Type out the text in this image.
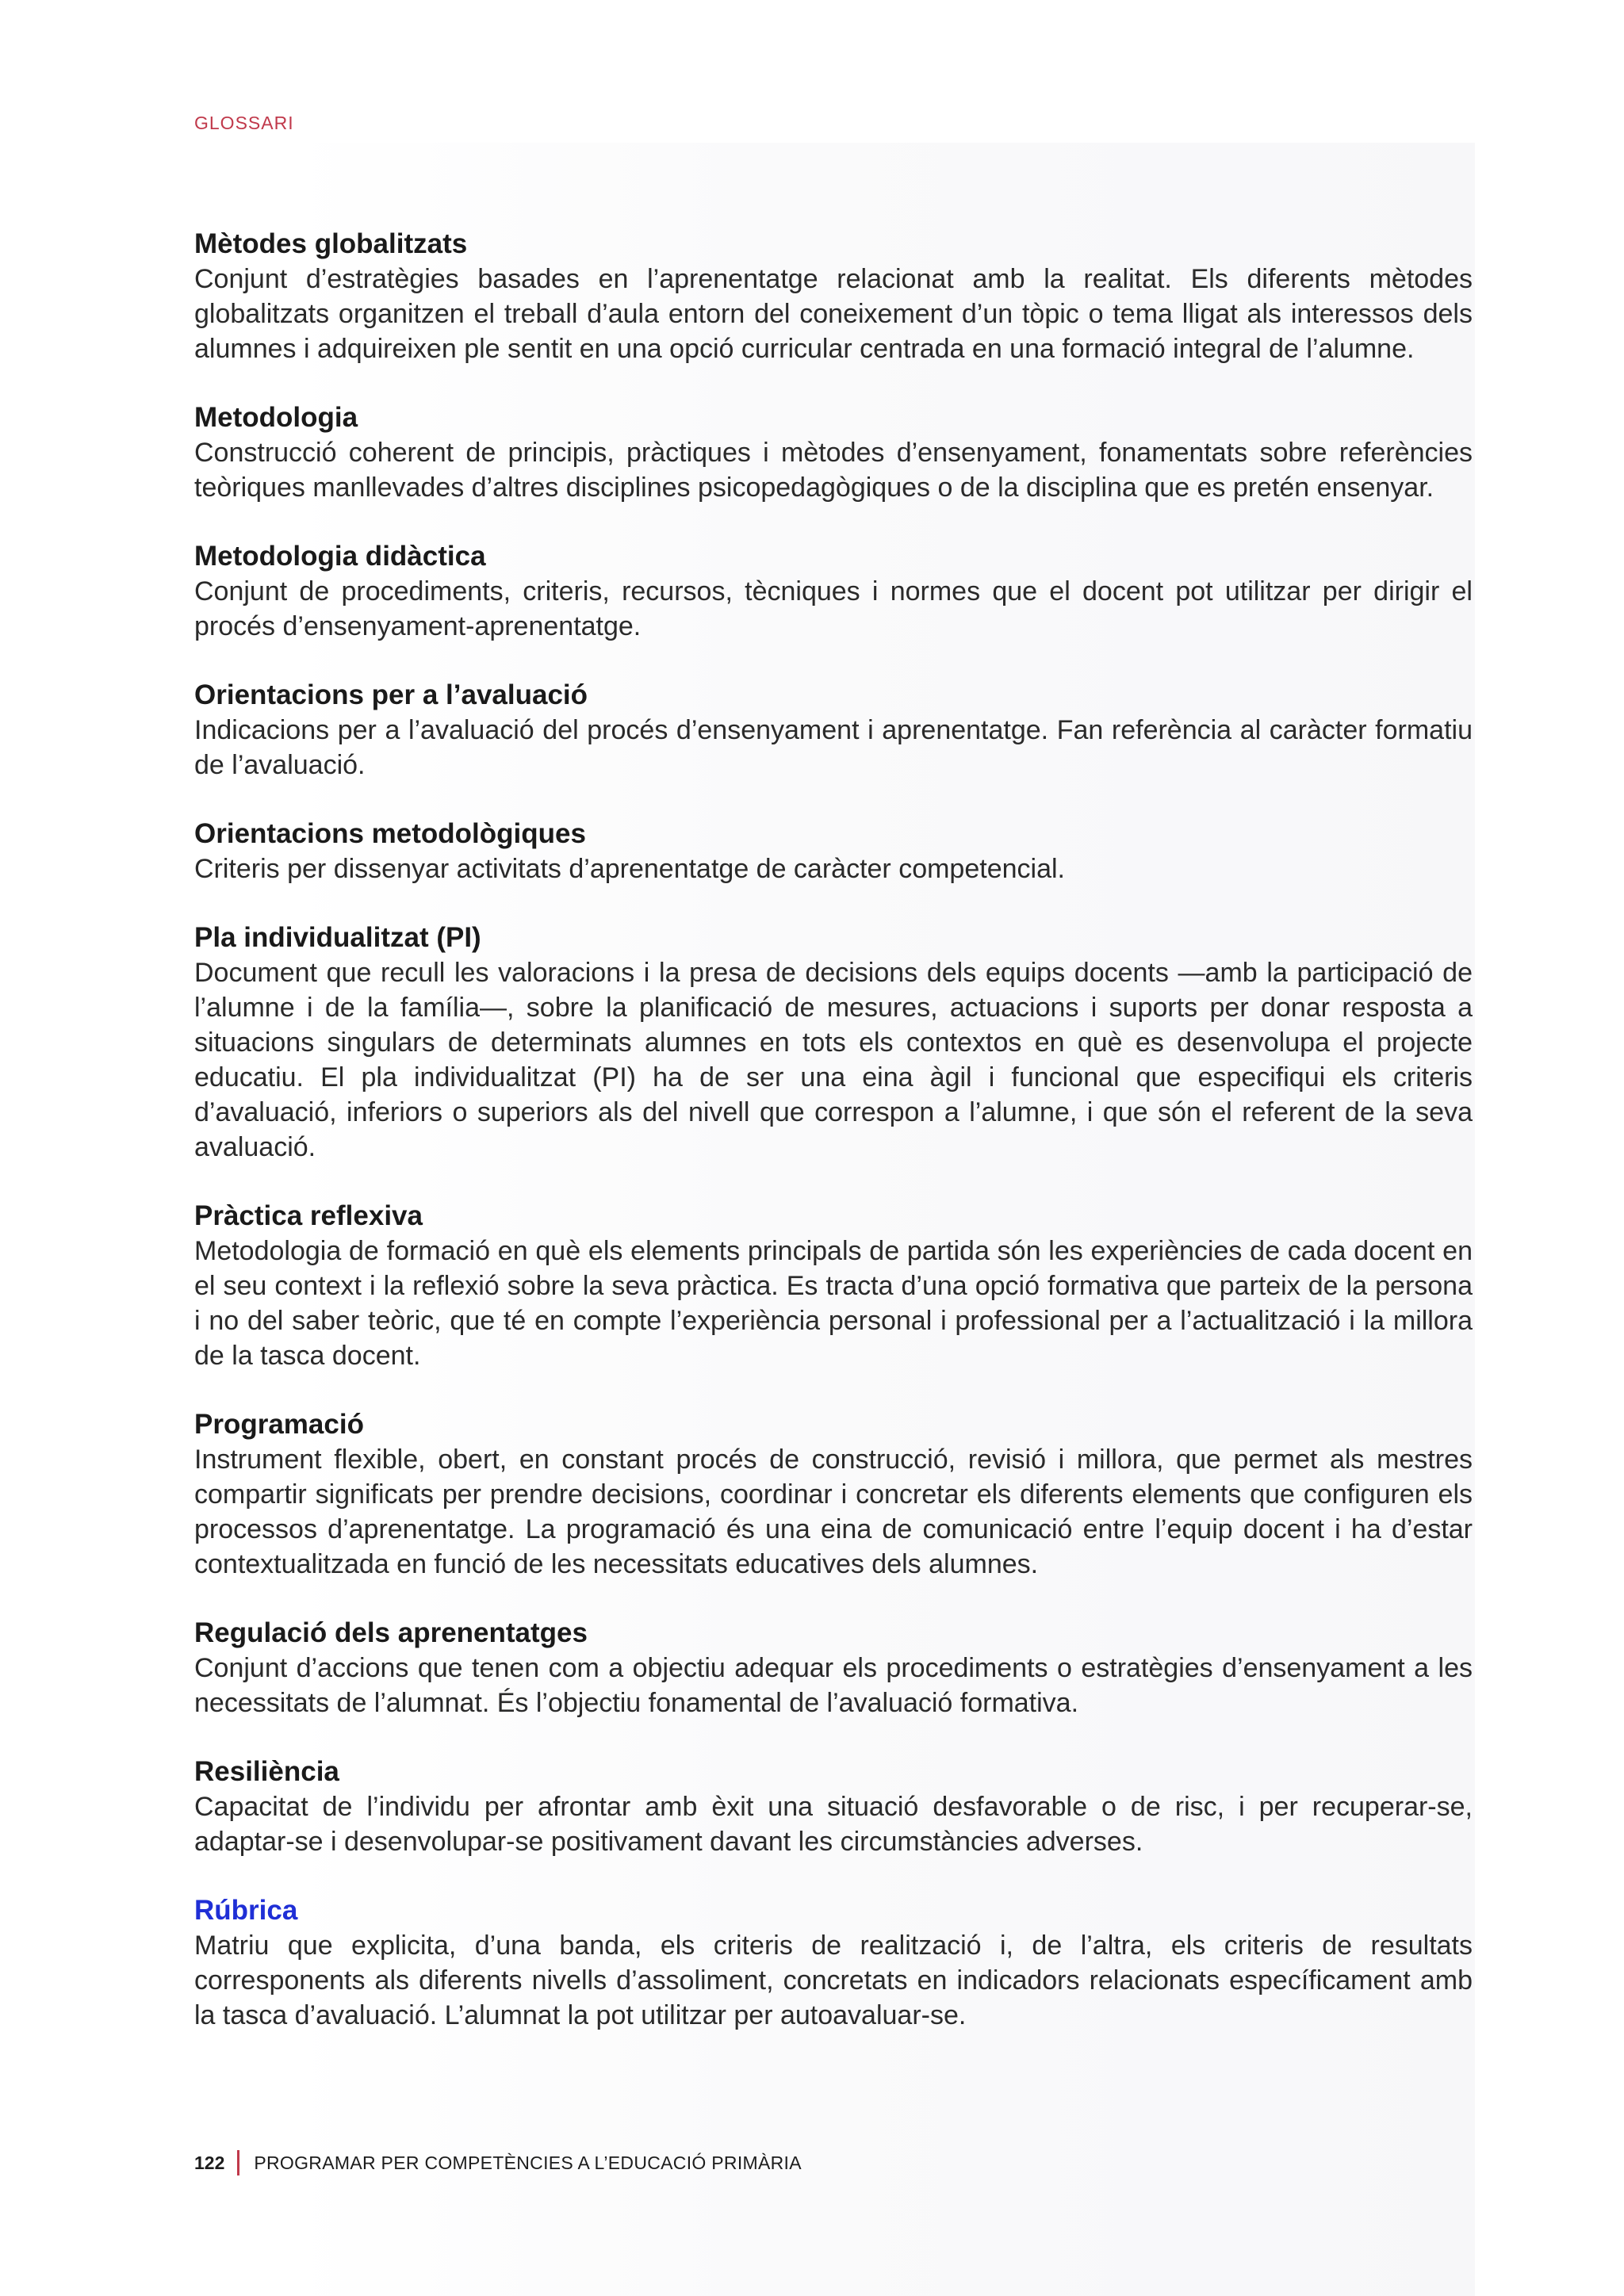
GLOSSARI
Mètodes globalitzats

Conjunt d’estratègies basades en l’aprenentatge relacionat amb la realitat. Els diferents mètodes globalitzats organitzen el treball d’aula entorn del coneixement d’un tòpic o tema lligat als interessos dels alumnes i adquireixen ple sentit en una opció curricular centrada en una formació integral de l’alumne.

Metodologia

Construcció coherent de principis, pràctiques i mètodes d’ensenyament, fonamentats sobre referències teòriques manllevades d’altres disciplines psicopedagògiques o de la disciplina que es pretén ensenyar.

Metodologia didàctica

Conjunt de procediments, criteris, recursos, tècniques i normes que el docent pot utilitzar per dirigir el procés d’ensenyament-aprenentatge.

Orientacions per a l’avaluació

Indicacions per a l’avaluació del procés d’ensenyament i aprenentatge. Fan referència al caràcter formatiu de l’avaluació.

Orientacions metodològiques

Criteris per dissenyar activitats d’aprenentatge de caràcter competencial.

Pla individualitzat (PI)

Document que recull les valoracions i la presa de decisions dels equips docents —amb la participació de l’alumne i de la família—, sobre la planificació de mesures, actuacions i suports per donar resposta a situacions singulars de determinats alumnes en tots els contextos en què es desenvolupa el projecte educatiu. El pla individualitzat (PI) ha de ser una eina àgil i funcional que especifiqui els criteris d’avaluació, inferiors o superiors als del nivell que correspon a l’alumne, i que són el referent de la seva avaluació.

Pràctica reflexiva

Metodologia de formació en què els elements principals de partida són les experiències de cada docent en el seu context i la reflexió sobre la seva pràctica. Es tracta d’una opció formativa que parteix de la persona i no del saber teòric, que té en compte l’experiència personal i professional per a l’actualització i la millora de la tasca docent.

Programació

Instrument flexible, obert, en constant procés de construcció, revisió i millora, que permet als mestres compartir significats per prendre decisions, coordinar i concretar els diferents elements que configuren els processos d’aprenentatge. La programació és una eina de comunicació entre l’equip docent i ha d’estar contextualitzada en funció de les necessitats educatives dels alumnes.

Regulació dels aprenentatges

Conjunt d’accions que tenen com a objectiu adequar els procediments o estratègies d’ensenyament a les necessitats de l’alumnat. És l’objectiu fonamental de l’avaluació formativa.

Resiliència

Capacitat de l’individu per afrontar amb èxit una situació desfavorable o de risc, i per recuperar-se, adaptar-se i desenvolupar-se positivament davant les circumstàncies adverses.

Rúbrica

Matriu que explicita, d’una banda, els criteris de realització i, de l’altra, els criteris de resultats corresponents als diferents nivells d’assoliment, concretats en indicadors relacionats específicament amb la tasca d’avaluació. L’alumnat la pot utilitzar per autoavaluar-se.

122 PROGRAMAR PER COMPETÈNCIES A L’EDUCACIÓ PRIMÀRIA
